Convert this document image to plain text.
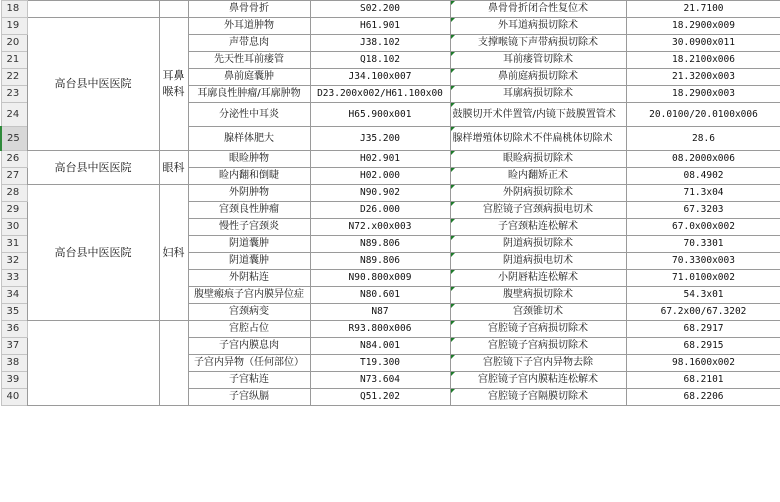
18			鼻骨骨折	S02.200	鼻骨骨折闭合性复位术	21.7100
19	高台县中医医院	耳鼻喉科	外耳道肿物	H61.901	外耳道病损切除术	18.2900x009
20			声带息肉	J38.102	支撑喉镜下声带病损切除术	30.0900x011
21			先天性耳前瘘管	Q18.102	耳前瘘管切除术	18.2100x006
22			鼻前庭囊肿	J34.100x007	鼻前庭病损切除术	21.3200x003
23			耳廓良性肿瘤/耳廓肿物	D23.200x002/H61.100x00	耳廓病损切除术	18.2900x003
24			分泌性中耳炎	H65.900x001	鼓膜切开术伴置管/内镜下鼓膜置管术	20.0100/20.0100x006
25			腺样体肥大	J35.200	腺样增殖体切除术不伴扁桃体切除术	28.6
26	高台县中医医院	眼科	眼睑肿物	H02.901	眼睑病损切除术	08.2000x006
27			睑内翻和倒睫	H02.000	睑内翻矫正术	08.4902
28	高台县中医医院	妇科	外阴肿物	N90.902	外阴病损切除术	71.3x04
29			宫颈良性肿瘤	D26.000	宫腔镜子宫颈病损电切术	67.3203
30			慢性子宫颈炎	N72.x00x003	子宫颈粘连松解术	67.0x00x002
31			阴道囊肿	N89.806	阴道病损切除术	70.3301
32			阴道囊肿	N89.806	阴道病损电切术	70.3300x003
33			外阴粘连	N90.800x009	小阴唇粘连松解术	71.0100x002
34			腹壁瘢痕子宫内膜异位症	N80.601	腹壁病损切除术	54.3x01
35			宫颈病变	N87	宫颈锥切术	67.2x00/67.3202
36			宫腔占位	R93.800x006	宫腔镜子宫病损切除术	68.2917
37			子宫内膜息肉	N84.001	宫腔镜子宫病损切除术	68.2915
38			子宫内异物（任何部位）	T19.300	宫腔镜下子宫内异物去除	98.1600x002
39			子宫粘连	N73.604	宫腔镜子宫内膜粘连松解术	68.2101
40			子宫纵膈	Q51.202	宫腔镜子宫隔膜切除术	68.2206
